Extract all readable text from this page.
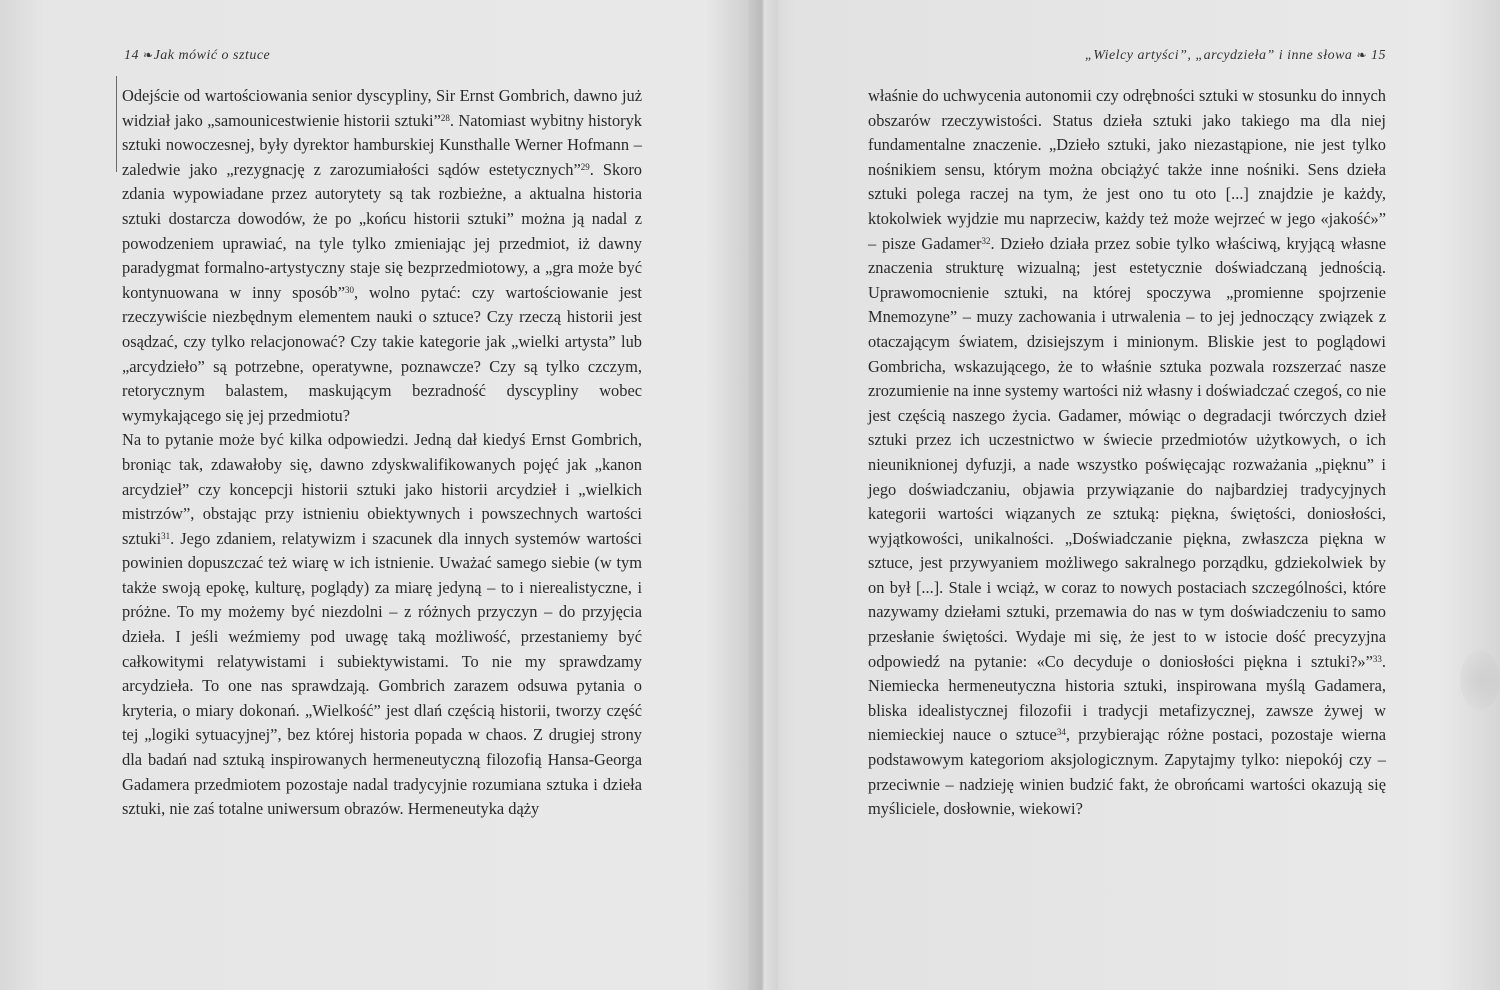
14 ❧Jak mówić o sztuce

Odejście od wartościowania senior dyscypliny, Sir Ernst Gombrich, dawno już widział jako „samounicestwienie historii sztuki”$^{28}$. Natomiast wybitny historyk sztuki nowoczesnej, były dyrektor hamburskiej Kunsthalle Werner Hofmann – zaledwie jako „rezygnację z zarozumiałości sądów estetycznych”$^{29}$. Skoro zdania wypowiadane przez autorytety są tak rozbieżne, a aktualna historia sztuki dostarcza dowodów, że po „końcu historii sztuki” można ją nadal z powodzeniem uprawiać, na tyle tylko zmieniając jej przedmiot, iż dawny paradygmat formalno-artystyczny staje się bezprzedmiotowy, a „gra może być kontynuowana w inny sposób”$^{30}$, wolno pytać: czy wartościowanie jest rzeczywiście niezbędnym elementem nauki o sztuce? Czy rzeczą historii jest osądzać, czy tylko relacjonować? Czy takie kategorie jak „wielki artysta” lub „arcydzieło” są potrzebne, operatywne, poznawcze? Czy są tylko czczym, retorycznym balastem, maskującym bezradność dyscypliny wobec wymykającego się jej przedmiotu?

Na to pytanie może być kilka odpowiedzi. Jedną dał kiedyś Ernst Gombrich, broniąc tak, zdawałoby się, dawno zdyskwalifikowanych pojęć jak „kanon arcydzieł” czy koncepcji historii sztuki jako historii arcydzieł i „wielkich mistrzów”, obstając przy istnieniu obiektywnych i powszechnych wartości sztuki$^{31}$. Jego zdaniem, relatywizm i szacunek dla innych systemów wartości powinien dopuszczać też wiarę w ich istnienie. Uważać samego siebie (w tym także swoją epokę, kulturę, poglądy) za miarę jedyną – to i nierealistyczne, i próżne. To my możemy być niezdolni – z różnych przyczyn – do przyjęcia dzieła. I jeśli weźmiemy pod uwagę taką możliwość, przestaniemy być całkowitymi relatywistami i subiektywistami. To nie my sprawdzamy arcydzieła. To one nas sprawdzają. Gombrich zarazem odsuwa pytania o kryteria, o miary dokonań. „Wielkość” jest dlań częścią historii, tworzy część tej „logiki sytuacyjnej”, bez której historia popada w chaos. Z drugiej strony dla badań nad sztuką inspirowanych hermeneutyczną filozofią Hansa-Georga Gadamera przedmiotem pozostaje nadal tradycyjnie rozumiana sztuka i dzieła sztuki, nie zaś totalne uniwersum obrazów. Hermeneutyka dąży

„Wielcy artyści”, „arcydzieła” i inne słowa ❧ 15

właśnie do uchwycenia autonomii czy odrębności sztuki w stosunku do innych obszarów rzeczywistości. Status dzieła sztuki jako takiego ma dla niej fundamentalne znaczenie. „Dzieło sztuki, jako niezastąpione, nie jest tylko nośnikiem sensu, którym można obciążyć także inne nośniki. Sens dzieła sztuki polega raczej na tym, że jest ono tu oto [...] znajdzie je każdy, ktokolwiek wyjdzie mu naprzeciw, każdy też może wejrzeć w jego «jakość»” – pisze Gadamer$^{32}$. Dzieło działa przez sobie tylko właściwą, kryjącą własne znaczenia strukturę wizualną; jest estetycznie doświadczaną jednością. Uprawomocnienie sztuki, na której spoczywa „promienne spojrzenie Mnemozyne” – muzy zachowania i utrwalenia – to jej jednoczący związek z otaczającym światem, dzisiejszym i minionym. Bliskie jest to poglądowi Gombricha, wskazującego, że to właśnie sztuka pozwala rozszerzać nasze zrozumienie na inne systemy wartości niż własny i doświadczać czegoś, co nie jest częścią naszego życia. Gadamer, mówiąc o degradacji twórczych dzieł sztuki przez ich uczestnictwo w świecie przedmiotów użytkowych, o ich nieuniknionej dyfuzji, a nade wszystko poświęcając rozważania „pięknu” i jego doświadczaniu, objawia przywiązanie do najbardziej tradycyjnych kategorii wartości wiązanych ze sztuką: piękna, świętości, doniosłości, wyjątkowości, unikalności. „Doświadczanie piękna, zwłaszcza piękna w sztuce, jest przywyaniem możliwego sakralnego porządku, gdziekolwiek by on był [...]. Stale i wciąż, w coraz to nowych postaciach szczególności, które nazywamy dziełami sztuki, przemawia do nas w tym doświadczeniu to samo przesłanie świętości. Wydaje mi się, że jest to w istocie dość precyzyjna odpowiedź na pytanie: «Co decyduje o doniosłości piękna i sztuki?»”$^{33}$. Niemiecka hermeneutyczna historia sztuki, inspirowana myślą Gadamera, bliska idealistycznej filozofii i tradycji metafizycznej, zawsze żywej w niemieckiej nauce o sztuce$^{34}$, przybierając różne postaci, pozostaje wierna podstawowym kategoriom aksjologicznym. Zapytajmy tylko: niepokój czy – przeciwnie – nadzieję winien budzić fakt, że obrońcami wartości okazują się myśliciele, dosłownie, wiekowi?
